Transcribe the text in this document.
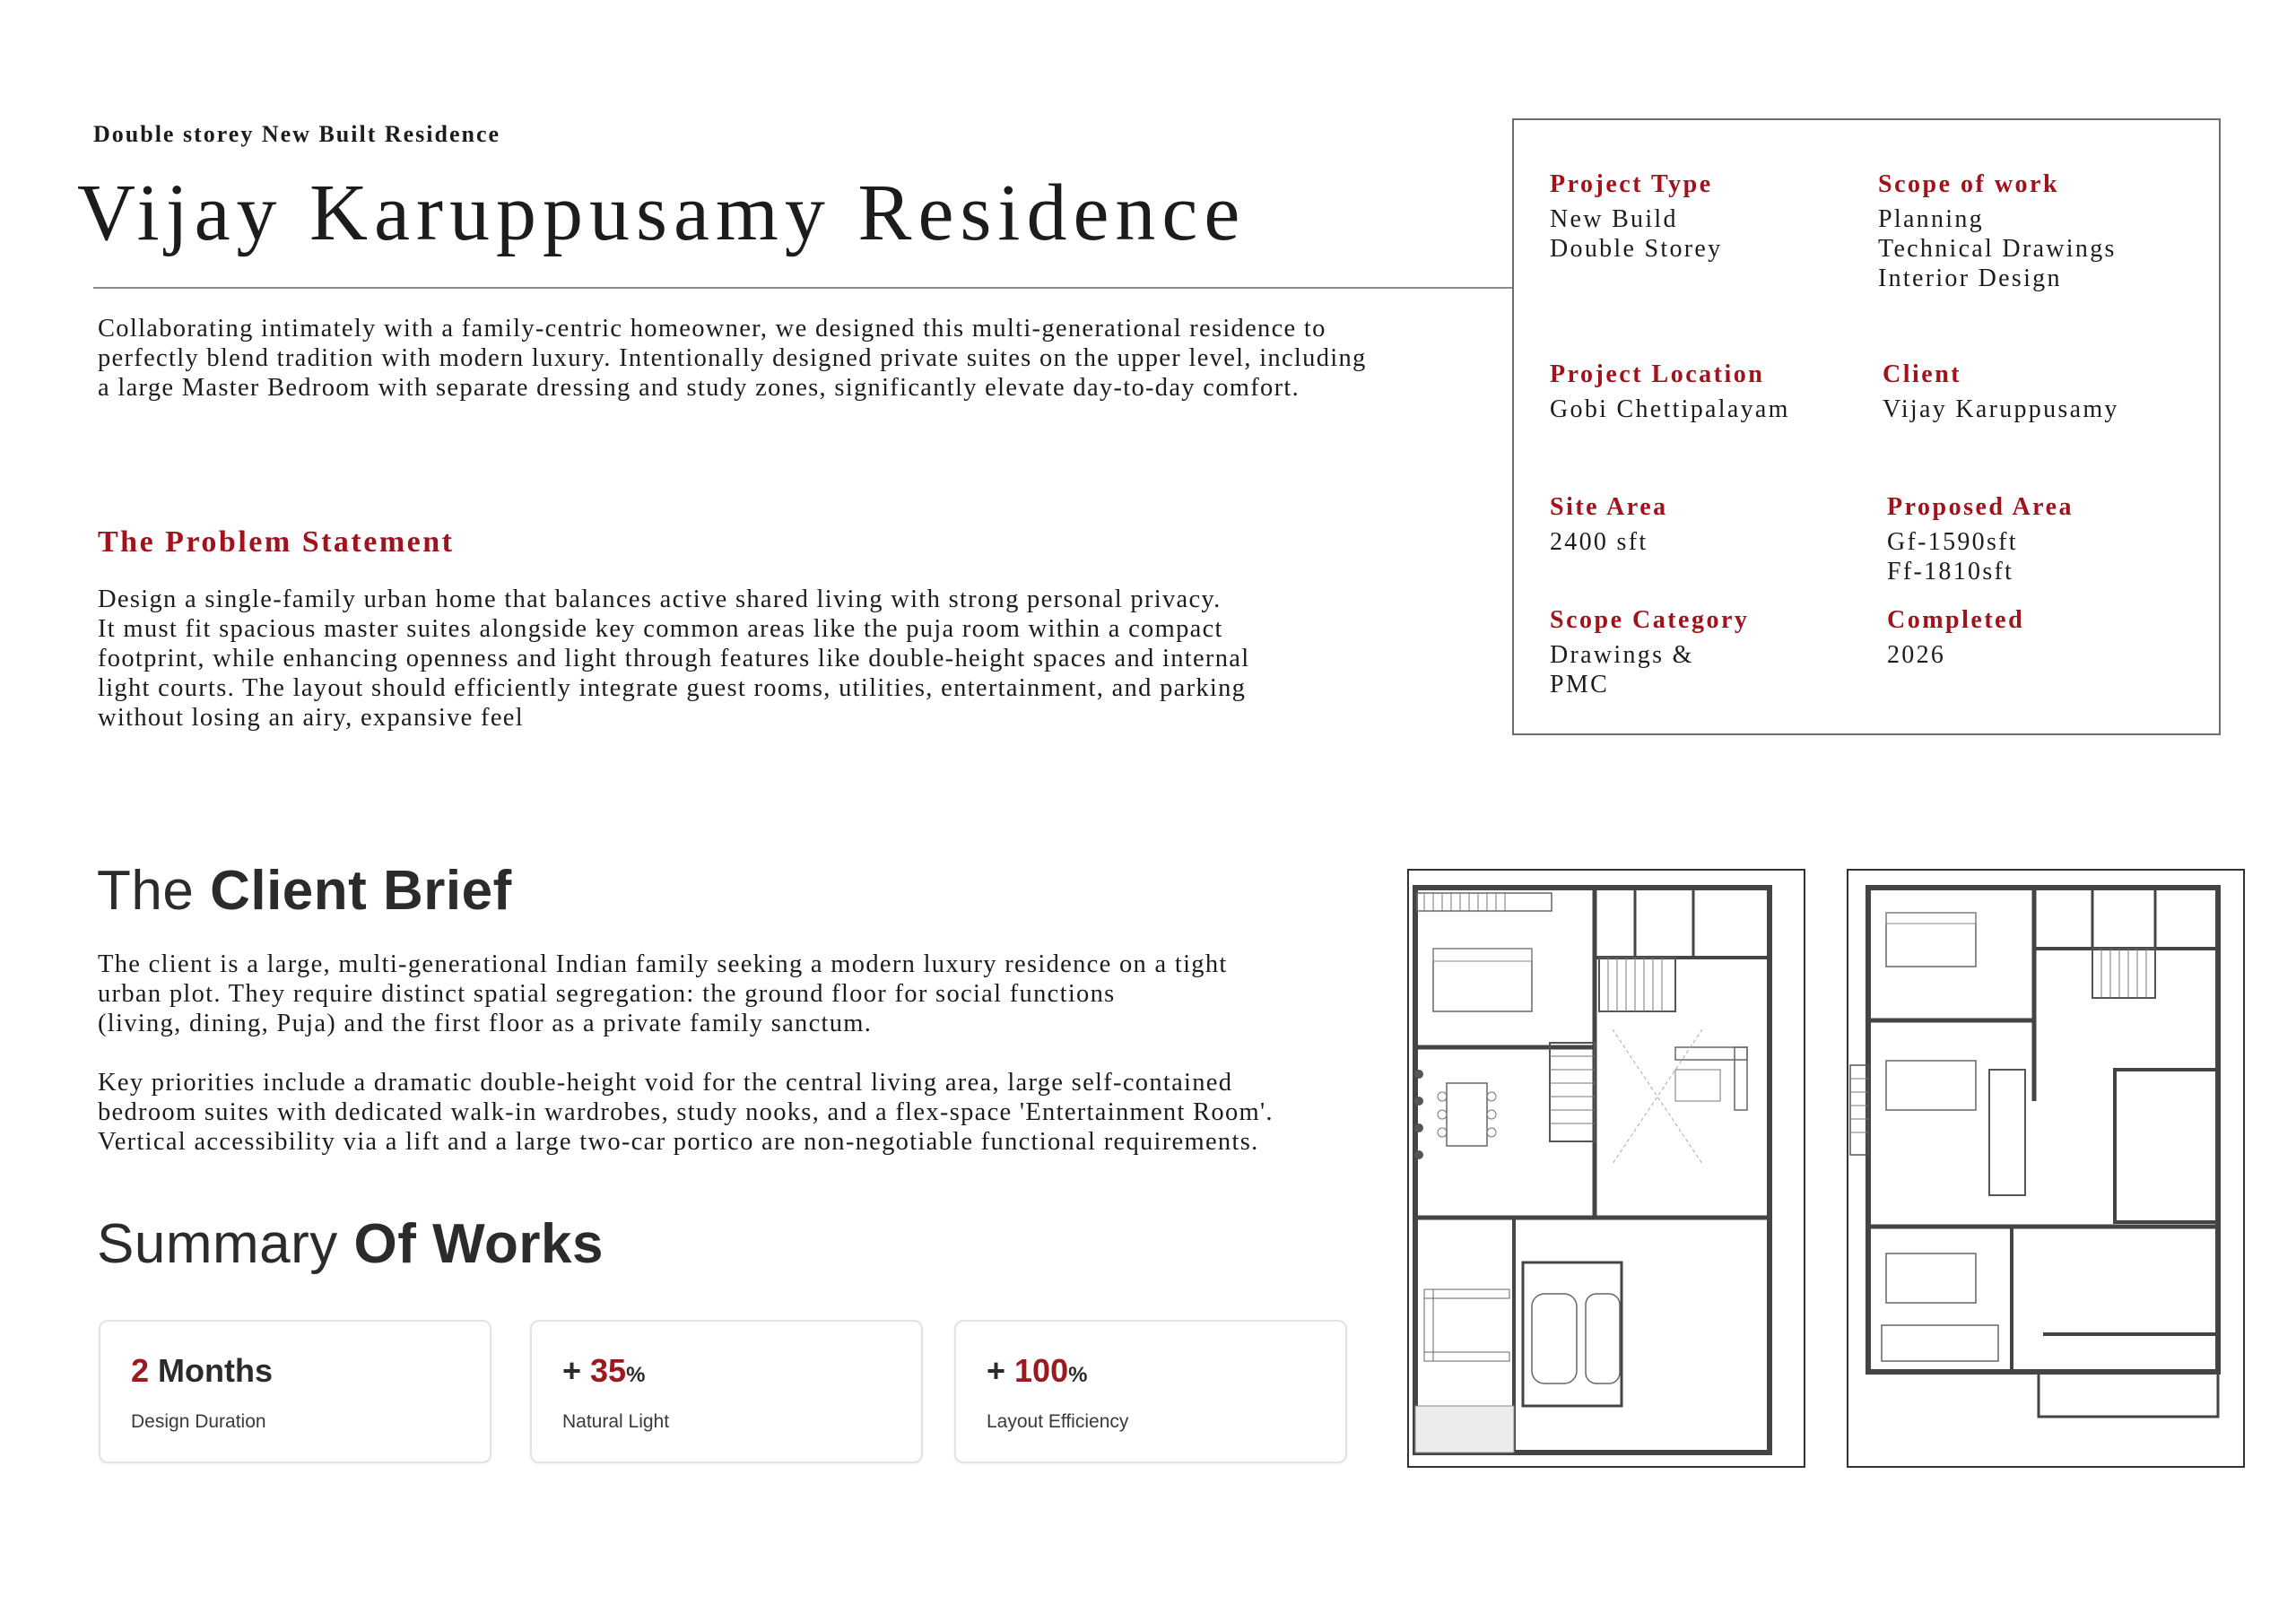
Double storey New Built Residence
Vijay Karuppusamy Residence
Collaborating intimately with a family-centric homeowner, we designed this multi-generational residence to
perfectly blend tradition with modern luxury. Intentionally designed private suites on the upper level, including
a large Master Bedroom with separate dressing and study zones, significantly elevate day-to-day comfort.
The Problem Statement
Design a single-family urban home that balances active shared living with strong personal privacy.
It must fit spacious master suites alongside key common areas like the puja room within a compact
footprint, while enhancing openness and light through features like double-height spaces and internal
light courts. The layout should efficiently integrate guest rooms, utilities, entertainment, and parking
without losing an airy, expansive feel
The Client Brief
The client is a large, multi-generational Indian family seeking a modern luxury residence on a tight
urban plot. They require distinct spatial segregation: the ground floor for social functions
(living, dining, Puja) and the first floor as a private family sanctum.
Key priorities include a dramatic double-height void for the central living area, large self-contained
bedroom suites with dedicated walk-in wardrobes, study nooks, and a flex-space 'Entertainment Room'.
Vertical accessibility via a lift and a large two-car portico are non-negotiable functional requirements.
Summary Of Works
2 Months
Design Duration
+ 35%
Natural Light
+ 100%
Layout Efficiency
Project Type
New Build
Double Storey
Scope of work
Planning
Technical Drawings
Interior Design
Project Location
Gobi Chettipalayam
Client
Vijay Karuppusamy
Site Area
2400 sft
Proposed Area
Gf-1590sft
Ff-1810sft
Scope Category
Drawings &
PMC
Completed
2026
